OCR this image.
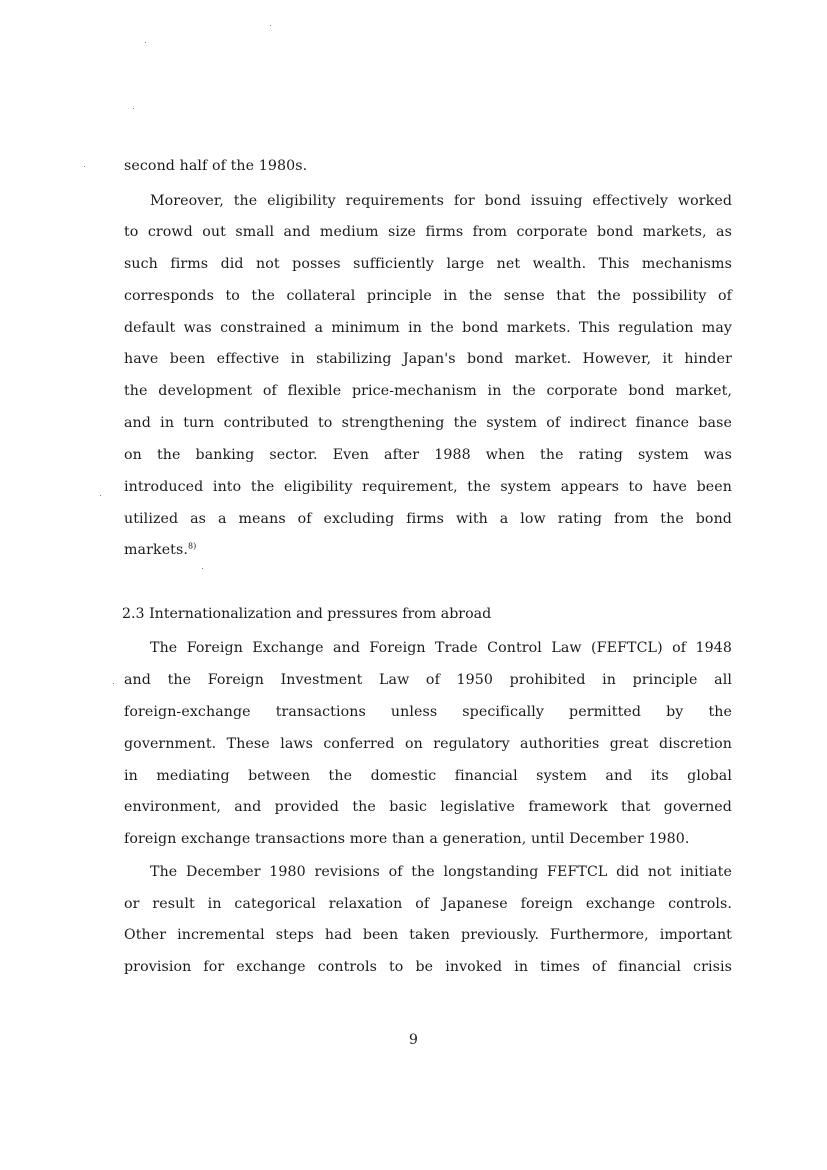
second half of the 1980s.
Moreover, the eligibility requirements for bond issuing effectively worked
to crowd out small and medium size firms from corporate bond markets, as
such firms did not posses sufficiently large net wealth. This mechanisms
corresponds to the collateral principle in the sense that the possibility of
default was constrained a minimum in the bond markets. This regulation may
have been effective in stabilizing Japan's bond market. However, it hinder
the development of flexible price-mechanism in the corporate bond market,
and in turn contributed to strengthening the system of indirect finance base
on the banking sector. Even after 1988 when the rating system was
introduced into the eligibility requirement, the system appears to have been
utilized as a means of excluding firms with a low rating from the bond
markets.$^{8)}$
2.3 Internationalization and pressures from abroad
The Foreign Exchange and Foreign Trade Control Law (FEFTCL) of 1948
and the Foreign Investment Law of 1950 prohibited in principle all
foreign-exchange transactions unless specifically permitted by the
government. These laws conferred on regulatory authorities great discretion
in mediating between the domestic financial system and its global
environment, and provided the basic legislative framework that governed
foreign exchange transactions more than a generation, until December 1980.
The December 1980 revisions of the longstanding FEFTCL did not initiate
or result in categorical relaxation of Japanese foreign exchange controls.
Other incremental steps had been taken previously. Furthermore, important
provision for exchange controls to be invoked in times of financial crisis
9
